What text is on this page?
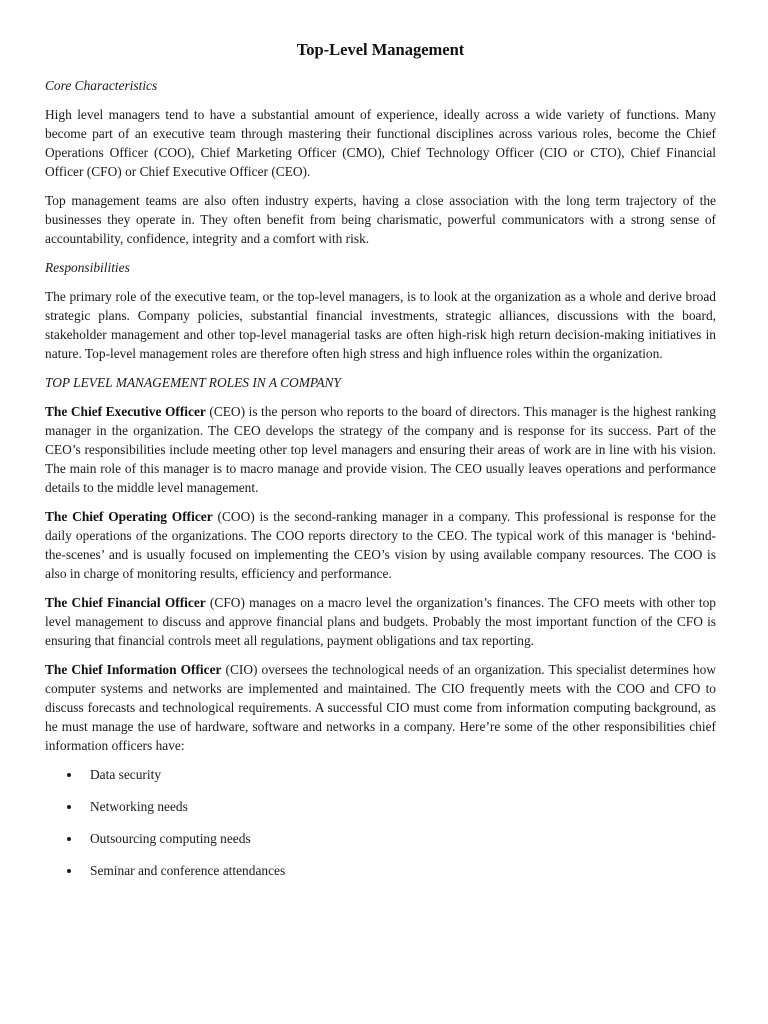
Top-Level Management
Core Characteristics

High level managers tend to have a substantial amount of experience, ideally across a wide variety of functions. Many become part of an executive team through mastering their functional disciplines across various roles, become the Chief Operations Officer (COO), Chief Marketing Officer (CMO), Chief Technology Officer (CIO or CTO), Chief Financial Officer (CFO) or Chief Executive Officer (CEO).

Top management teams are also often industry experts, having a close association with the long term trajectory of the businesses they operate in. They often benefit from being charismatic, powerful communicators with a strong sense of accountability, confidence, integrity and a comfort with risk.

Responsibilities

The primary role of the executive team, or the top-level managers, is to look at the organization as a whole and derive broad strategic plans. Company policies, substantial financial investments, strategic alliances, discussions with the board, stakeholder management and other top-level managerial tasks are often high-risk high return decision-making initiatives in nature. Top-level management roles are therefore often high stress and high influence roles within the organization.

TOP LEVEL MANAGEMENT ROLES IN A COMPANY

The Chief Executive Officer (CEO) is the person who reports to the board of directors. This manager is the highest ranking manager in the organization. The CEO develops the strategy of the company and is response for its success. Part of the CEO’s responsibilities include meeting other top level managers and ensuring their areas of work are in line with his vision. The main role of this manager is to macro manage and provide vision. The CEO usually leaves operations and performance details to the middle level management.

The Chief Operating Officer (COO) is the second-ranking manager in a company. This professional is response for the daily operations of the organizations. The COO reports directory to the CEO. The typical work of this manager is ‘behind-the-scenes’ and is usually focused on implementing the CEO’s vision by using available company resources. The COO is also in charge of monitoring results, efficiency and performance.

The Chief Financial Officer (CFO) manages on a macro level the organization’s finances. The CFO meets with other top level management to discuss and approve financial plans and budgets. Probably the most important function of the CFO is ensuring that financial controls meet all regulations, payment obligations and tax reporting.

The Chief Information Officer (CIO) oversees the technological needs of an organization. This specialist determines how computer systems and networks are implemented and maintained. The CIO frequently meets with the COO and CFO to discuss forecasts and technological requirements. A successful CIO must come from information computing background, as he must manage the use of hardware, software and networks in a company. Here’re some of the other responsibilities chief information officers have:

Data security
Networking needs
Outsourcing computing needs
Seminar and conference attendances
